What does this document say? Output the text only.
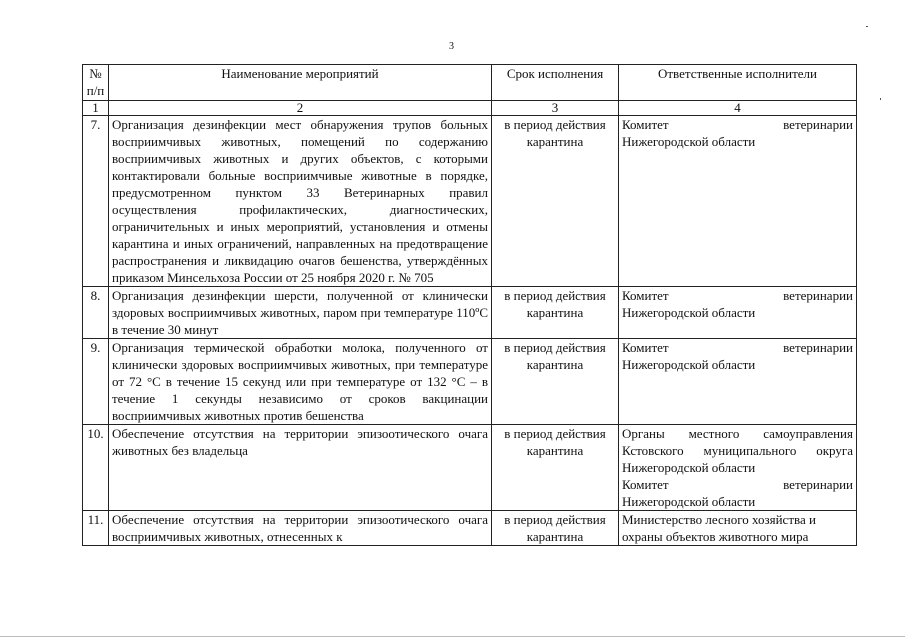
3
№ п/п	Наименование мероприятий	Срок исполнения	Ответственные исполнители
1	2	3	4
7.	Организация дезинфекции мест обнаружения трупов больных восприимчивых животных, помещений по содержанию восприимчивых животных и других объектов, с которыми контактировали больные восприимчивые животные в порядке, предусмотренном пунктом 33 Ветеринарных правил осуществления профилактических, диагностических, ограничительных и иных мероприятий, установления и отмены карантина и иных ограничений, направленных на предотвращение распространения и ликвидацию очагов бешенства, утверждённых приказом Минсельхоза России от 25 ноября 2020 г. № 705	в период действия карантина	Комитет ветеринарии
Нижегородской области

8.	Организация дезинфекции шерсти, полученной от клинически здоровых восприимчивых животных, паром при температуре 110ºС в течение 30 минут	в период действия карантина	Комитет ветеринарии
Нижегородской области

9.	Организация термической обработки молока, полученного от клинически здоровых восприимчивых животных, при температуре от 72 °С в течение 15 секунд или при температуре от 132 °С – в течение 1 секунды независимо от сроков вакцинации восприимчивых животных против бешенства	в период действия карантина	Комитет ветеринарии
Нижегородской области

10.	Обеспечение отсутствия на территории эпизоотического очага животных без владельца	в период действия карантина	Органы местного самоуправления Кстовского муниципального округа
Нижегородской области
Комитет ветеринарии
Нижегородской области

11.	Обеспечение отсутствия на территории эпизоотического очага восприимчивых животных, отнесенных к	в период действия карантина	Министерство лесного хозяйства и охраны объектов животного мира
